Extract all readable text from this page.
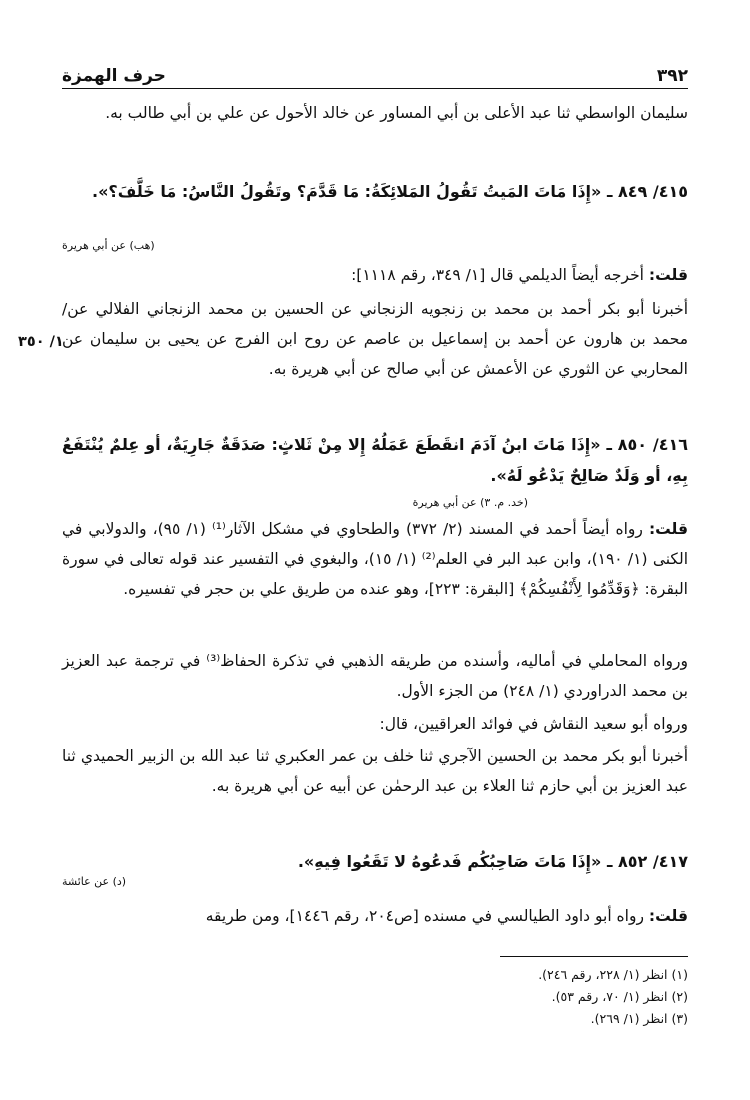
٣٩٢
حرف الهمزة

سليمان الواسطي ثنا عبد الأعلى بن أبي المساور عن خالد الأحول عن علي بن أبي طالب به.

٤١٥/ ٨٤٩ ـ «إِذَا مَاتَ المَيتُ تَقُولُ المَلائِكَةُ: مَا قَدَّمَ؟ وتَقُولُ النَّاسُ: مَا خَلَّفَ؟».

(هب) عن أبي هريرة

قلت: أخرجه أيضاً الديلمي قال [١/ ٣٤٩، رقم ١١١٨]:

أخبرنا أبو بكر أحمد بن محمد بن زنجويه الزنجاني عن الحسين بن محمد الزنجاني الفلالي عن/ محمد بن هارون عن أحمد بن إسماعيل بن عاصم عن روح ابن الفرج عن يحيى بن سليمان عن المحاربي عن الثوري عن الأعمش عن أبي صالح عن أبي هريرة به.

١/ ٣٥٠

٤١٦/ ٨٥٠ ـ «إِذَا مَاتَ ابنُ آدَمَ انقَطَعَ عَمَلُهُ إِلا مِنْ ثَلاثٍ: صَدَقَةٌ جَارِيَةٌ، أو عِلمٌ يُنْتَفَعُ بِهِ، أو وَلَدٌ صَالِحٌ يَدْعُو لَهُ».

(خد. م. ٣) عن أبي هريرة

قلت: رواه أيضاً أحمد في المسند (٢/ ٣٧٢) والطحاوي في مشكل الآثار⁽¹⁾ (١/ ٩٥)، والدولابي في الكنى (١/ ١٩٠)، وابن عبد البر في العلم⁽²⁾ (١/ ١٥)، والبغوي في التفسير عند قوله تعالى في سورة البقرة: ﴿وَقَدِّمُوا لِأَنْفُسِكُمْ﴾ [البقرة: ٢٢٣]، وهو عنده من طريق علي بن حجر في تفسيره.

ورواه المحاملي في أماليه، وأسنده من طريقه الذهبي في تذكرة الحفاظ⁽³⁾ في ترجمة عبد العزيز بن محمد الدراوردي (١/ ٢٤٨) من الجزء الأول.

ورواه أبو سعيد النقاش في فوائد العراقيين، قال:

أخبرنا أبو بكر محمد بن الحسين الآجري ثنا خلف بن عمر العكبري ثنا عبد الله بن الزبير الحميدي ثنا عبد العزيز بن أبي حازم ثنا العلاء بن عبد الرحمٰن عن أبيه عن أبي هريرة به.

٤١٧/ ٨٥٢ ـ «إِذَا مَاتَ صَاحِبُكُم فَدعُوهُ لا تَقَعُوا فِيهِ».

(د) عن عائشة

قلت: رواه أبو داود الطيالسي في مسنده [ص٢٠٤، رقم ١٤٤٦]، ومن طريقه

(١) انظر (١/ ٢٢٨، رقم ٢٤٦).

(٢) انظر (١/ ٧٠، رقم ٥٣).

(٣) انظر (١/ ٢٦٩).
